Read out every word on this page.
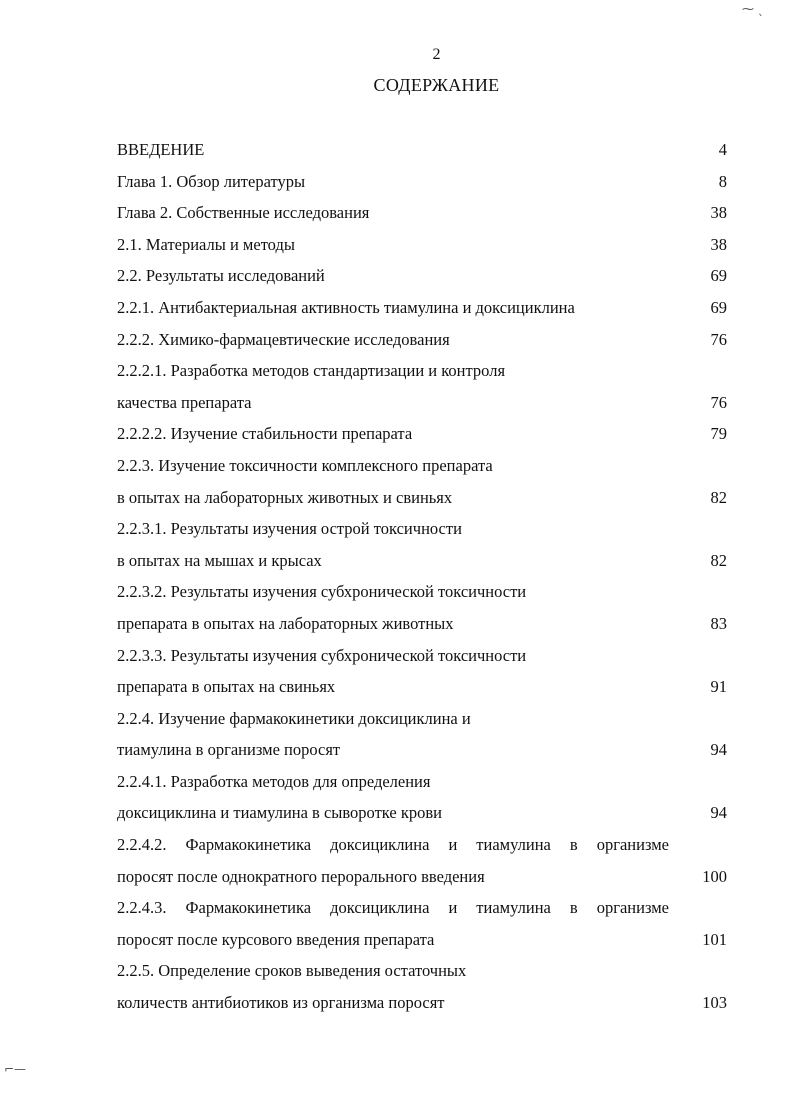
2
СОДЕРЖАНИЕ
ВВЕДЕНИЕ	4
Глава 1. Обзор литературы	8
Глава 2. Собственные исследования	38
2.1. Материалы и методы	38
2.2. Результаты исследований	69
2.2.1. Антибактериальная активность тиамулина и доксициклина	69
2.2.2. Химико-фармацевтические исследования	76
2.2.2.1. Разработка методов стандартизации и контроля
качества препарата	76
2.2.2.2. Изучение стабильности препарата	79
2.2.3. Изучение токсичности комплексного препарата
в опытах на лабораторных животных и свиньях	82
2.2.3.1. Результаты изучения острой токсичности
в опытах на мышах и крысах	82
2.2.3.2. Результаты изучения субхронической токсичности
препарата в опытах на лабораторных животных	83
2.2.3.3. Результаты изучения субхронической токсичности
препарата в опытах на свиньях	91
2.2.4. Изучение фармакокинетики доксициклина и
тиамулина в организме поросят	94
2.2.4.1. Разработка методов для определения
доксициклина и тиамулина в сыворотке крови	94
2.2.4.2. Фармакокинетика доксициклина и тиамулина в организме
поросят после однократного перорального введения	100
2.2.4.3. Фармакокинетика доксициклина и тиамулина в организме
поросят после курсового введения препарата	101
2.2.5. Определение сроков выведения остаточных
количеств антибиотиков из организма поросят	103
⁓ ˎ
⌐—
